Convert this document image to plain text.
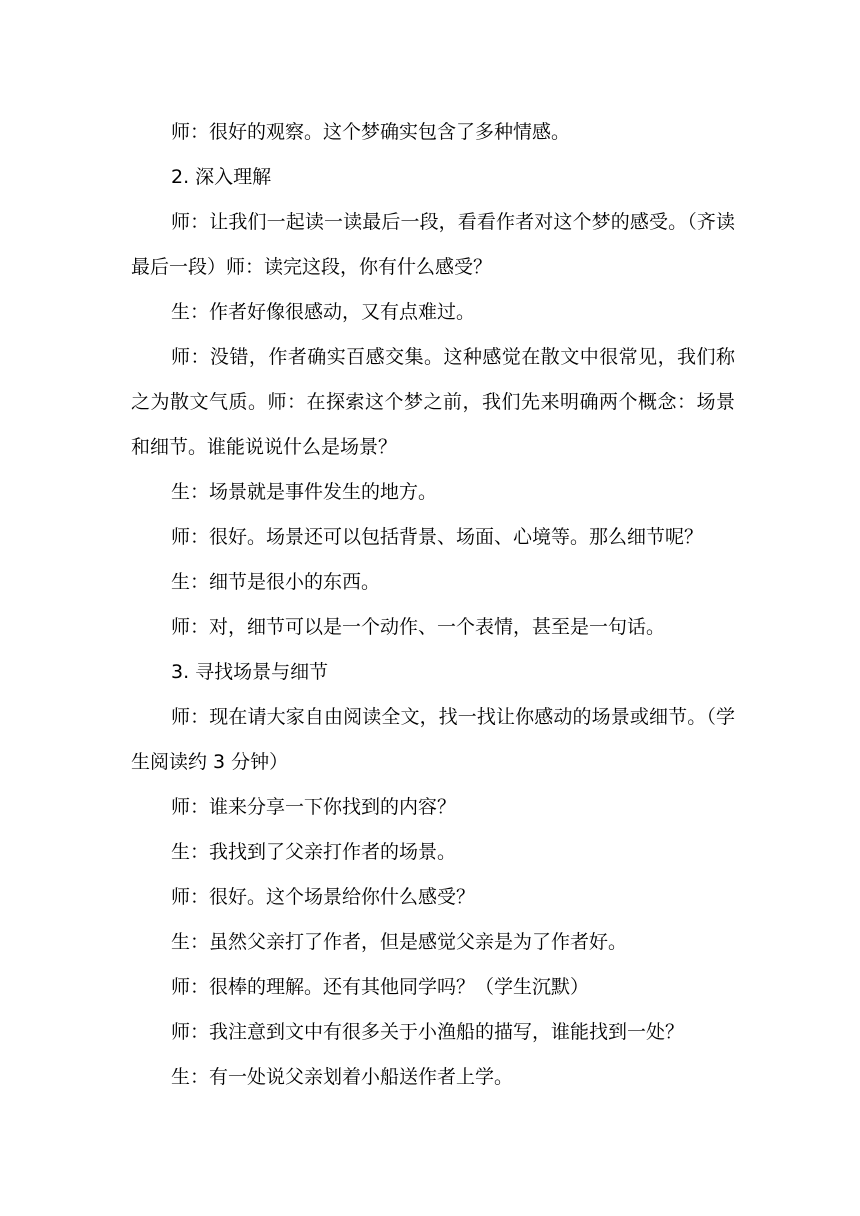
师：很好的观察。这个梦确实包含了多种情感。

2. 深入理解

师：让我们一起读一读最后一段，看看作者对这个梦的感受。（齐读最后一段）师：读完这段，你有什么感受？

生：作者好像很感动，又有点难过。

师：没错，作者确实百感交集。这种感觉在散文中很常见，我们称之为散文气质。师：在探索这个梦之前，我们先来明确两个概念：场景和细节。谁能说说什么是场景？

生：场景就是事件发生的地方。

师：很好。场景还可以包括背景、场面、心境等。那么细节呢？

生：细节是很小的东西。

师：对，细节可以是一个动作、一个表情，甚至是一句话。

3. 寻找场景与细节

师：现在请大家自由阅读全文，找一找让你感动的场景或细节。（学生阅读约 3 分钟）

师：谁来分享一下你找到的内容？

生：我找到了父亲打作者的场景。

师：很好。这个场景给你什么感受？

生：虽然父亲打了作者，但是感觉父亲是为了作者好。

师：很棒的理解。还有其他同学吗？（学生沉默）

师：我注意到文中有很多关于小渔船的描写，谁能找到一处？

生：有一处说父亲划着小船送作者上学。
